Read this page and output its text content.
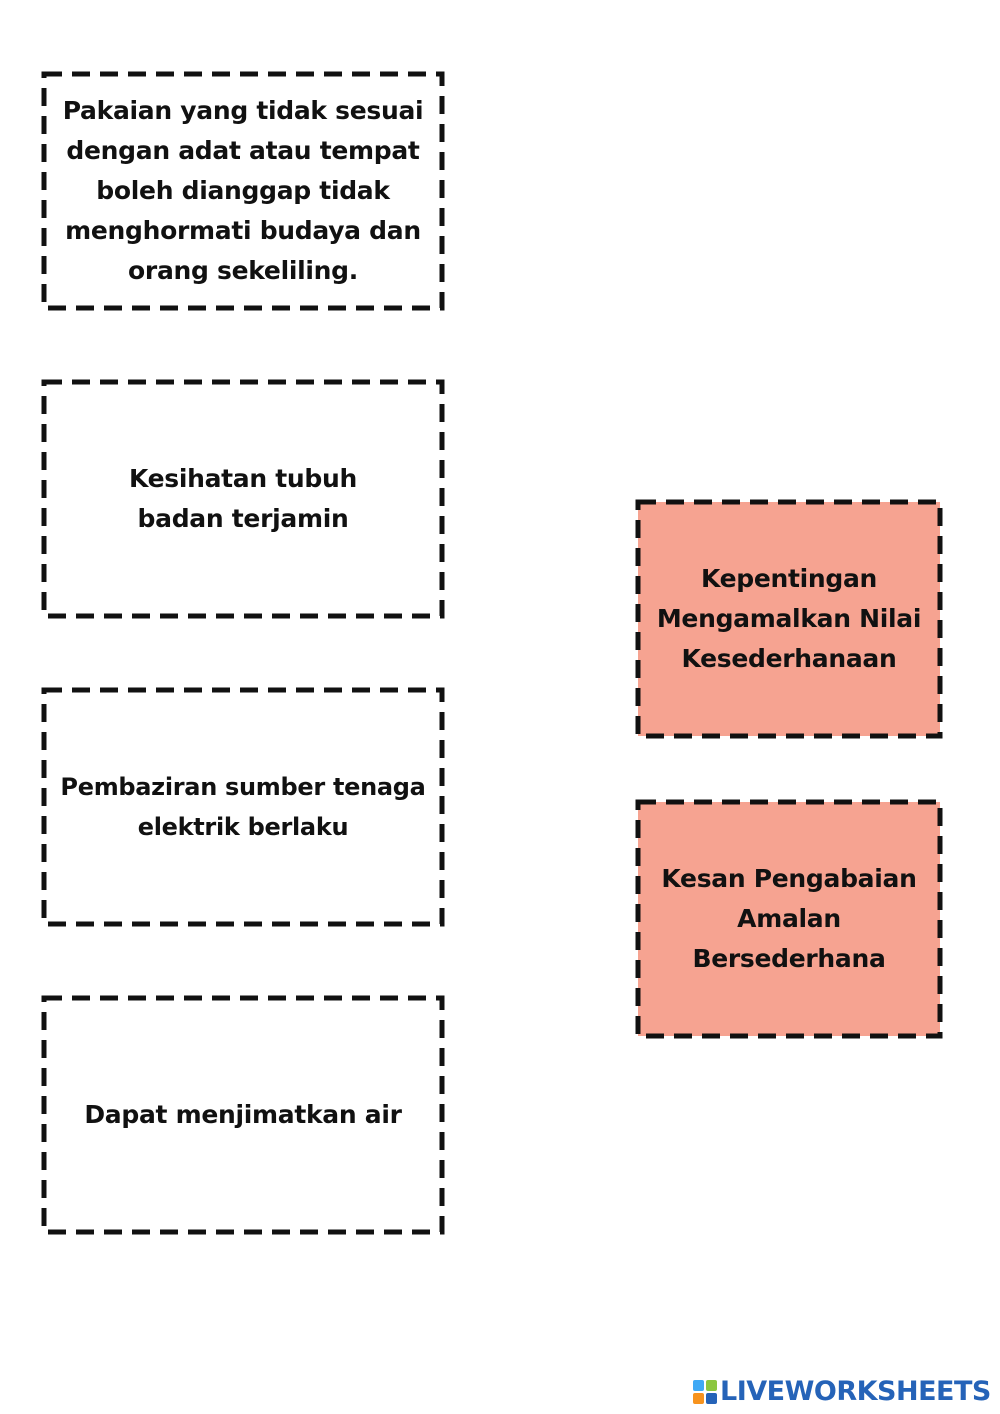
Pakaian yang tidak sesuai dengan adat atau tempat boleh dianggap tidak menghormati budaya dan orang sekeliling.
Kesihatan tubuh badan terjamin
Pembaziran sumber tenaga elektrik berlaku
Dapat menjimatkan air
Kepentingan Mengamalkan Nilai Kesederhanaan
Kesan Pengabaian Amalan Bersederhana
LIVEWORKSHEETS
